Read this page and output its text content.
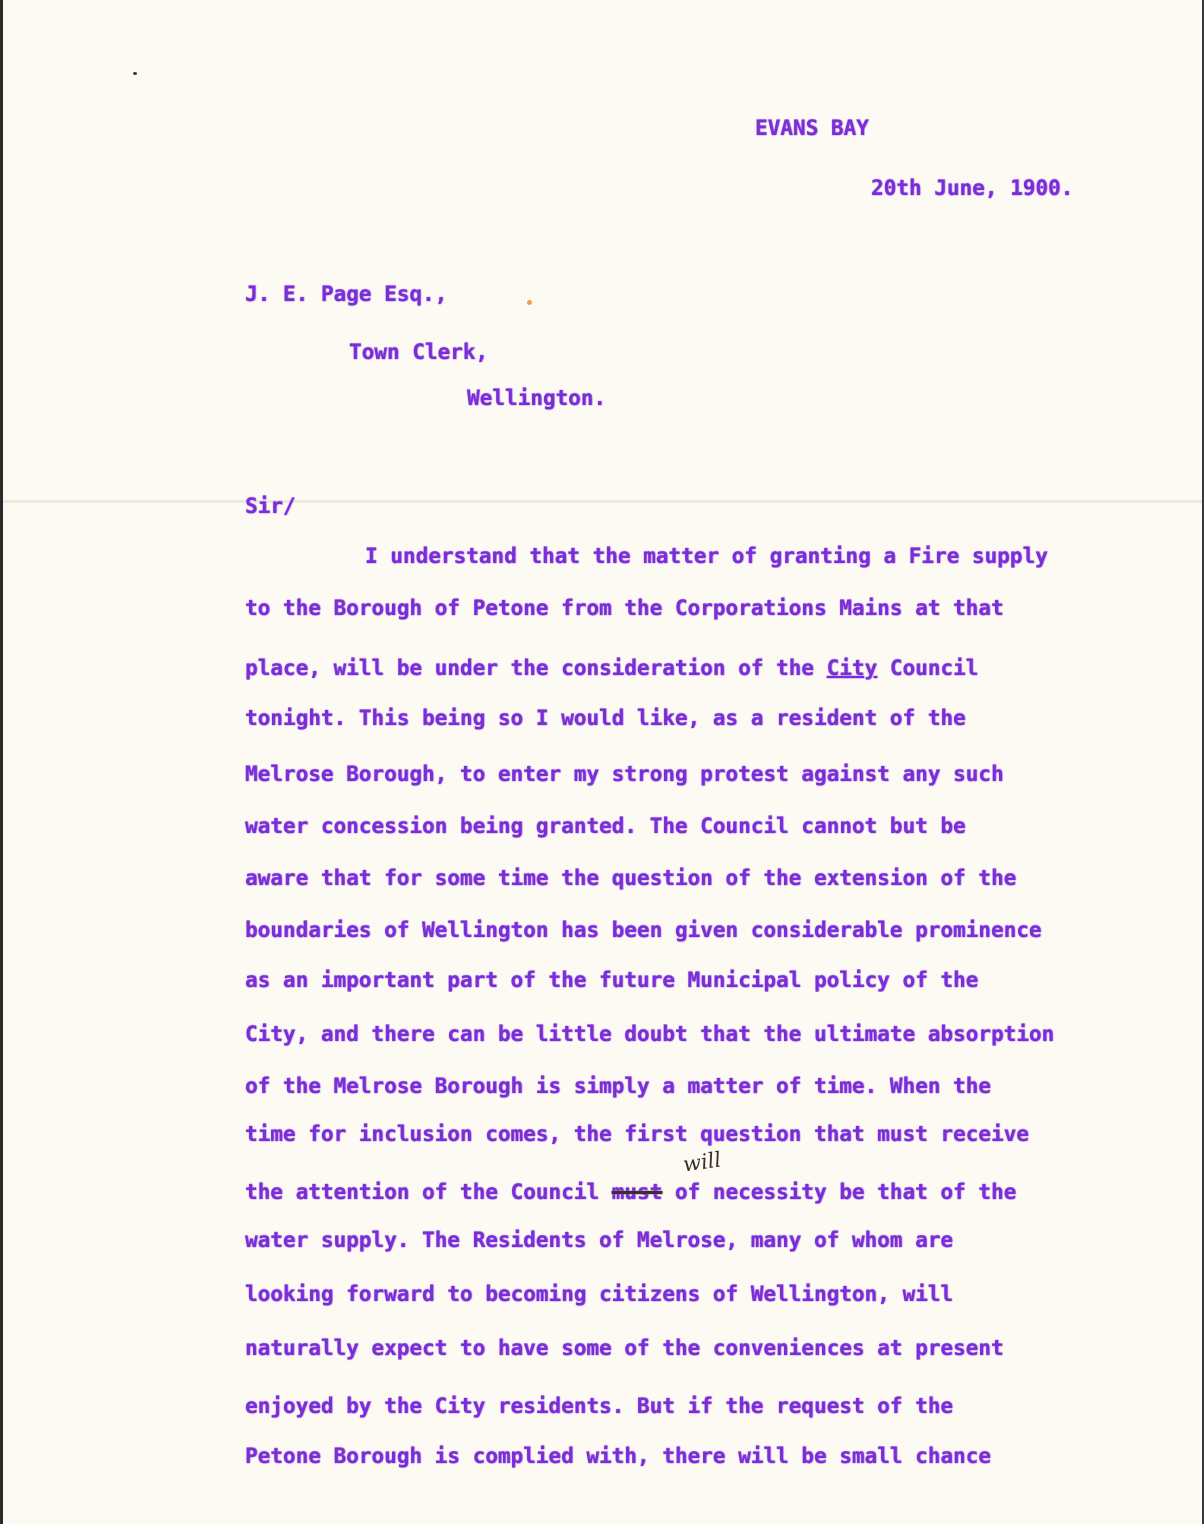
EVANS BAY

20th June, 1900.

J. E. Page Esq.,

Town Clerk,

Wellington.

Sir/

I understand that the matter of granting a Fire supply

to the Borough of Petone from the Corporations Mains at that

place, will be under the consideration of the City Council

tonight. This being so I would like, as a resident of the

Melrose Borough, to enter my strong protest against any such

water concession being granted. The Council cannot but be

aware that for some time the question of the extension of the

boundaries of Wellington has been given considerable prominence

as an important part of the future Municipal policy of the

City, and there can be little doubt that the ultimate absorption

of the Melrose Borough is simply a matter of time. When the

time for inclusion comes, the first question that must receive

will

the attention of the Council must of necessity be that of the

water supply. The Residents of Melrose, many of whom are

looking forward to becoming citizens of Wellington, will

naturally expect to have some of the conveniences at present

enjoyed by the City residents. But if the request of the

Petone Borough is complied with, there will be small chance
